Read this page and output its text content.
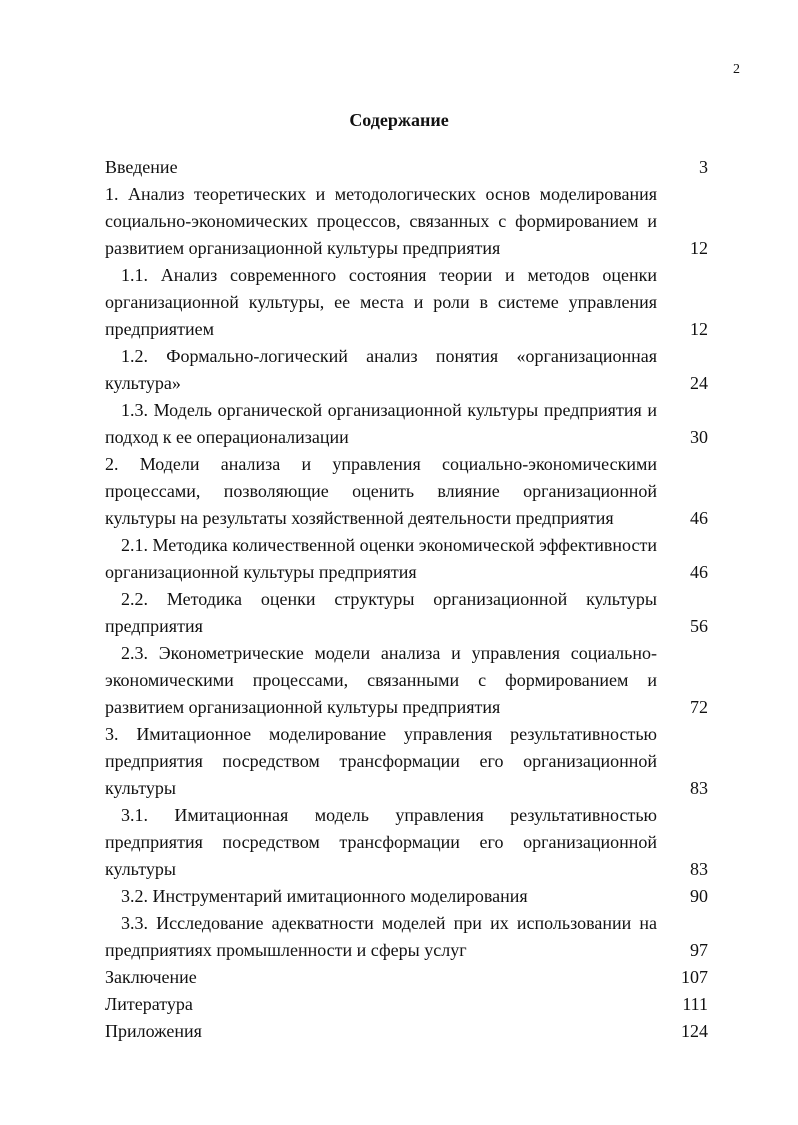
2
Содержание
Введение	3
1. Анализ теоретических и методологических основ моделирования социально-экономических процессов, связанных с формированием и развитием организационной культуры предприятия	12
1.1. Анализ современного состояния теории и методов оценки организационной культуры, ее места и роли в системе управления предприятием	12
1.2. Формально-логический анализ понятия «организационная культура»	24
1.3. Модель органической организационной культуры предприятия и подход к ее операционализации	30
2. Модели анализа и управления социально-экономическими процессами, позволяющие оценить влияние организационной культуры на результаты хозяйственной деятельности предприятия	46
2.1. Методика количественной оценки экономической эффективности организационной культуры предприятия	46
2.2. Методика оценки структуры организационной культуры предприятия	56
2.3. Эконометрические модели анализа и управления социально-экономическими процессами, связанными с формированием и развитием организационной культуры предприятия	72
3. Имитационное моделирование управления результативностью предприятия посредством трансформации его организационной культуры	83
3.1. Имитационная модель управления результативностью предприятия посредством трансформации его организационной культуры	83
3.2. Инструментарий имитационного моделирования	90
3.3. Исследование адекватности моделей при их использовании на предприятиях промышленности и сферы услуг	97
Заключение	107
Литература	111
Приложения	124
